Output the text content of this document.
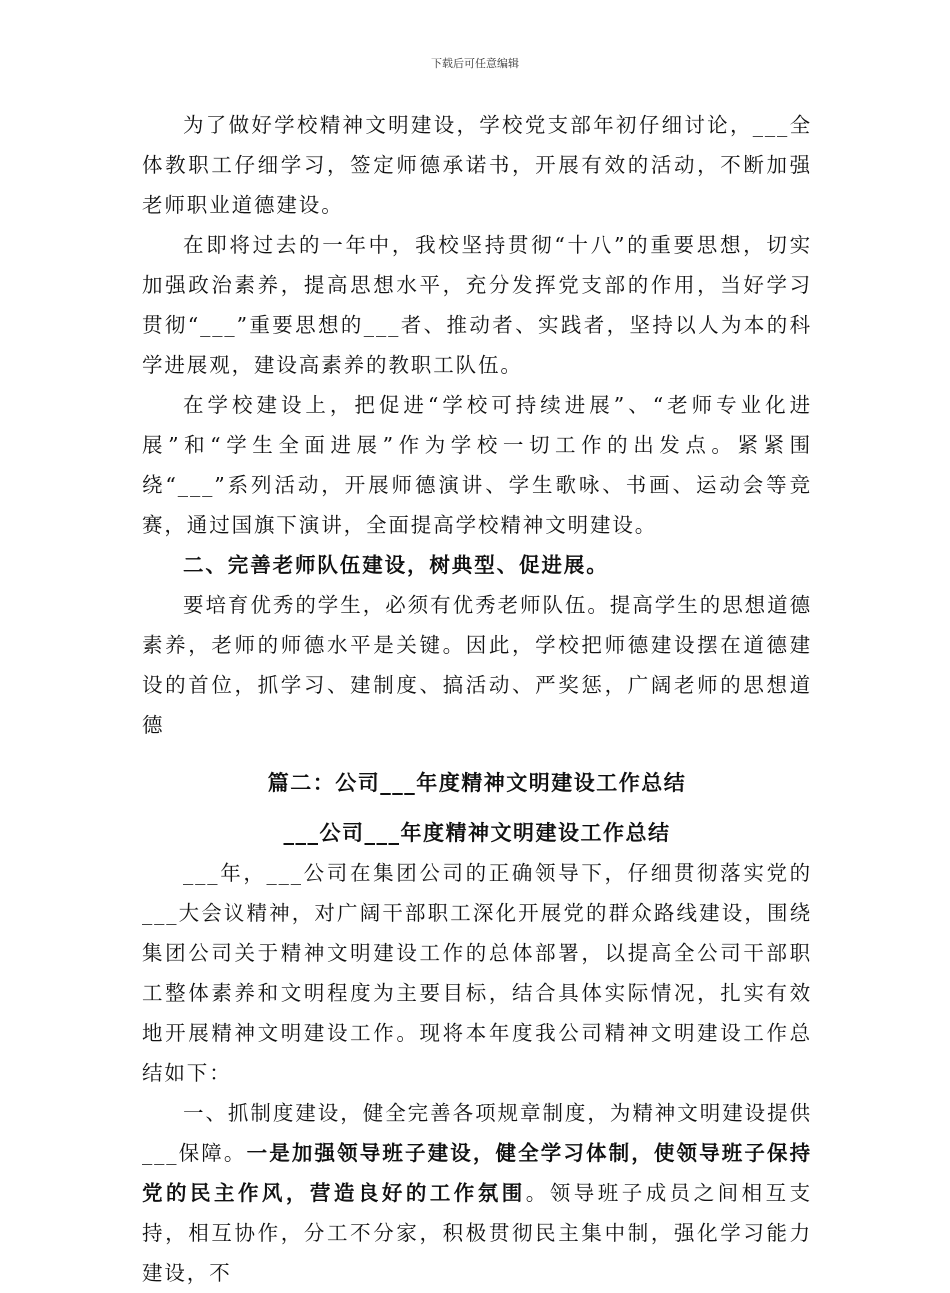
下载后可任意编辑

为了做好学校精神文明建设，学校党支部年初仔细讨论，___全体教职工仔细学习，签定师德承诺书，开展有效的活动，不断加强老师职业道德建设。

在即将过去的一年中，我校坚持贯彻“十八”的重要思想，切实加强政治素养，提高思想水平，充分发挥党支部的作用，当好学习贯彻“___”重要思想的___者、推动者、实践者，坚持以人为本的科学进展观，建设高素养的教职工队伍。

在学校建设上，把促进“学校可持续进展”、“老师专业化进展”和“学生全面进展”作为学校一切工作的出发点。紧紧围绕“___”系列活动，开展师德演讲、学生歌咏、书画、运动会等竞赛，通过国旗下演讲，全面提高学校精神文明建设。

二、完善老师队伍建设，树典型、促进展。

要培育优秀的学生，必须有优秀老师队伍。提高学生的思想道德素养，老师的师德水平是关键。因此，学校把师德建设摆在道德建设的首位，抓学习、建制度、搞活动、严奖惩，广阔老师的思想道德

篇二：公司___年度精神文明建设工作总结

___公司___年度精神文明建设工作总结

___年，___公司在集团公司的正确领导下，仔细贯彻落实党的___大会议精神，对广阔干部职工深化开展党的群众路线建设，围绕集团公司关于精神文明建设工作的总体部署，以提高全公司干部职工整体素养和文明程度为主要目标，结合具体实际情况，扎实有效地开展精神文明建设工作。现将本年度我公司精神文明建设工作总结如下：

一、抓制度建设，健全完善各项规章制度，为精神文明建设提供___保障。一是加强领导班子建设，健全学习体制，使领导班子保持党的民主作风，营造良好的工作氛围。领导班子成员之间相互支持，相互协作，分工不分家，积极贯彻民主集中制，强化学习能力建设，不
